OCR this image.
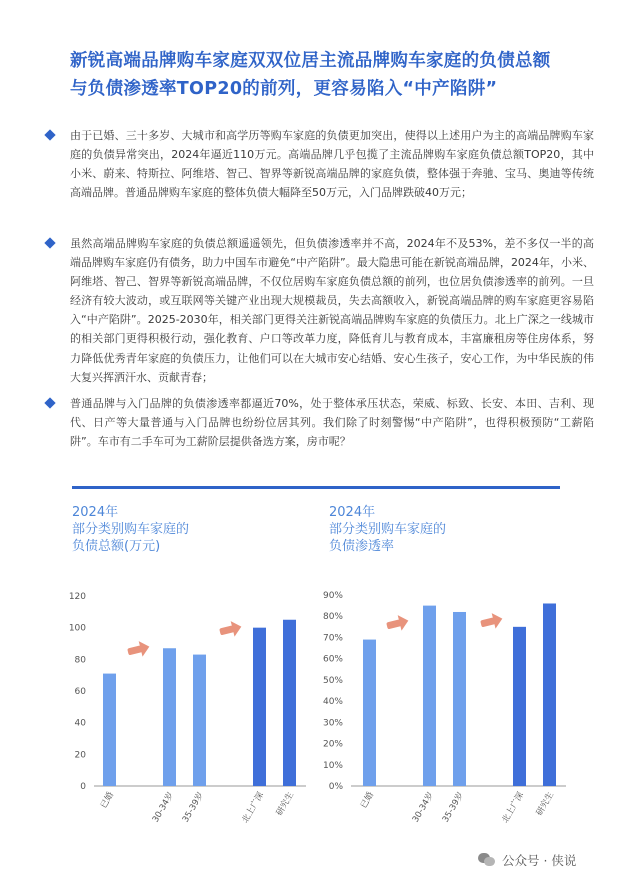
新锐高端品牌购车家庭双双位居主流品牌购车家庭的负债总额
与负债渗透率TOP20的前列，更容易陷入“中产陷阱”
由于已婚、三十多岁、大城市和高学历等购车家庭的负债更加突出，使得以上述用户为主的高端品牌购车家庭的负债异常突出，2024年逼近110万元。高端品牌几乎包揽了主流品牌购车家庭负债总额TOP20，其中小米、蔚来、特斯拉、阿维塔、智己、智界等新锐高端品牌的家庭负债，整体强于奔驰、宝马、奥迪等传统高端品牌。普通品牌购车家庭的整体负债大幅降至50万元，入门品牌跌破40万元；
虽然高端品牌购车家庭的负债总额遥遥领先，但负债渗透率并不高，2024年不及53%，差不多仅一半的高端品牌购车家庭仍有债务，助力中国车市避免“中产陷阱”。最大隐患可能在新锐高端品牌，2024年，小米、阿维塔、智己、智界等新锐高端品牌，不仅位居购车家庭负债总额的前列，也位居负债渗透率的前列。一旦经济有较大波动，或互联网等关键产业出现大规模裁员，失去高额收入，新锐高端品牌的购车家庭更容易陷入“中产陷阱”。2025-2030年，相关部门更得关注新锐高端品牌购车家庭的负债压力。北上广深之一线城市的相关部门更得积极行动，强化教育、户口等改革力度，降低育儿与教育成本，丰富廉租房等住房体系，努力降低优秀青年家庭的负债压力，让他们可以在大城市安心结婚、安心生孩子，安心工作，为中华民族的伟大复兴挥洒汗水、贡献青春；
普通品牌与入门品牌的负债渗透率都逼近70%，处于整体承压状态，荣威、标致、长安、本田、吉利、现代、日产等大量普通与入门品牌也纷纷位居其列。我们除了时刻警惕“中产陷阱”，也得积极预防“工薪陷阱”。车市有二手车可为工薪阶层提供备选方案，房市呢？
2024年
部分类别购车家庭的
负债总额(万元)
2024年
部分类别购车家庭的
负债渗透率
0
20
40
60
80
100
120
已婚	30-34岁 35-39岁	北上广深 研究生
0%
10%
20%
30%
40%
50%
60%
70%
80%
90%
已婚	30-34岁 35-39岁	北上广深 研究生
公众号 · 侠说
